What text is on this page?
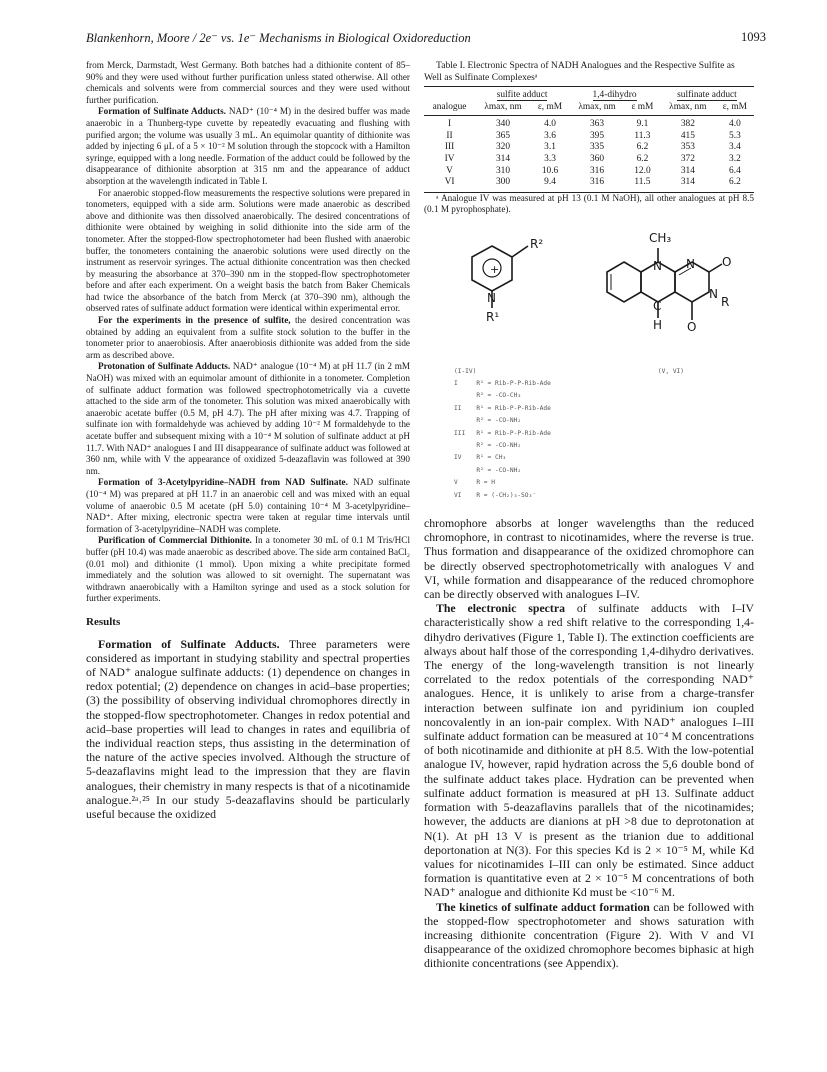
Blankenhorn, Moore / 2e⁻ vs. 1e⁻ Mechanisms in Biological Oxidoreduction	1093

from Merck, Darmstadt, West Germany. Both batches had a dithionite content of 85–90% and they were used without further purification unless stated otherwise. All other chemicals and solvents were from commercial sources and they were used without further purification.

Formation of Sulfinate Adducts. NAD⁺ (10⁻⁴ M) in the desired buffer was made anaerobic in a Thunberg-type cuvette by repeatedly evacuating and flushing with purified argon; the volume was usually 3 mL. An equimolar quantity of dithionite was added by injecting 6 μL of a 5 × 10⁻² M solution through the stopcock with a Hamilton syringe, equipped with a long needle. Formation of the adduct could be followed by the disappearance of dithionite absorption at 315 nm and the appearance of adduct absorption at the wavelength indicated in Table I.

For anaerobic stopped-flow measurements the respective solutions were prepared in tonometers, equipped with a side arm. Solutions were made anaerobic as described above and dithionite was then dissolved anaerobically. The desired concentrations of dithionite were obtained by weighing in solid dithionite into the side arm of the tonometer. After the stopped-flow spectrophotometer had been flushed with anaerobic buffer, the tonometers containing the anaerobic solutions were used directly on the instrument as reservoir syringes. The actual dithionite concentration was then checked by measuring the absorbance at 370–390 nm in the stopped-flow spectrophotometer before and after each experiment. On a weight basis the batch from Baker Chemicals had twice the absorbance of the batch from Merck (at 370–390 nm), although the observed rates of sulfinate adduct formation were identical within experimental error.

For the experiments in the presence of sulfite, the desired concentration was obtained by adding an equivalent from a sulfite stock solution to the buffer in the tonometer prior to anaerobiosis. After anaerobiosis dithionite was added from the side arm as described above.

Protonation of Sulfinate Adducts. NAD⁺ analogue (10⁻⁴ M) at pH 11.7 (in 2 mM NaOH) was mixed with an equimolar amount of dithionite in a tonometer. Completion of sulfinate adduct formation was followed spectrophotometrically via a cuvette attached to the side arm of the tonometer. This solution was mixed anaerobically with anaerobic acetate buffer (0.5 M, pH 4.7). The pH after mixing was 4.7. Trapping of sulfinate ion with formaldehyde was achieved by adding 10⁻² M formaldehyde to the acetate buffer and subsequent mixing with a 10⁻⁴ M solution of sulfinate adduct at pH 11.7. With NAD⁺ analogues I and III disappearance of sulfinate adduct was followed at 360 nm, while with V the appearance of oxidized 5-deazaflavin was followed at 390 nm.

Formation of 3-Acetylpyridine–NADH from NAD Sulfinate. NAD sulfinate (10⁻⁴ M) was prepared at pH 11.7 in an anaerobic cell and was mixed with an equal volume of anaerobic 0.5 M acetate (pH 5.0) containing 10⁻⁴ M 3-acetylpyridine–NAD⁺. After mixing, electronic spectra were taken at regular time intervals until formation of 3-acetylpyridine–NADH was complete.

Purification of Commercial Dithionite. In a tonometer 30 mL of 0.1 M Tris/HCl buffer (pH 10.4) was made anaerobic as described above. The side arm contained BaCl₂ (0.01 mol) and dithionite (1 mmol). Upon mixing a white precipitate formed immediately and the solution was allowed to sit overnight. The supernatant was withdrawn anaerobically with a Hamilton syringe and used as a stock solution for further experiments.

Results

Formation of Sulfinate Adducts. Three parameters were considered as important in studying stability and spectral properties of NAD⁺ analogue sulfinate adducts: (1) dependence on changes in redox potential; (2) dependence on changes in acid–base properties; (3) the possibility of observing individual chromophores directly in the stopped-flow spectrophotometer. Changes in redox potential and acid–base properties will lead to changes in rates and equilibria of the individual reaction steps, thus assisting in the determination of the nature of the active species involved. Although the structure of 5-deazaflavins might lead to the impression that they are flavin analogues, their chemistry in many respects is that of a nicotinamide analogue.²ᵃ˒²⁵ In our study 5-deazaflavins should be particularly useful because the oxidized

Table I. Electronic Spectra of NADH Analogues and the Respective Sulfite as Well as Sulfinate Complexesᵃ

	sulfite adduct		1,4-dihydro		sulfinate adduct	
analogue	λmax, nm	ε, mM	λmax, nm	ε mM	λmax, nm	ε, mM
I	340	4.0	363	9.1	382	4.0
II	365	3.6	395	11.3	415	5.3
III	320	3.1	335	6.2	353	3.4
IV	314	3.3	360	6.2	372	3.2
V	310	10.6	316	12.0	314	6.4
VI	300	9.4	316	11.5	314	6.2

ᵃ Analogue IV was measured at pH 13 (0.1 M NaOH), all other analogues at pH 8.5 (0.1 M pyrophosphate).

+
R²
N
R¹
CH₃
N N O
C
N
R
H O
(I-IV)	(V, VI)
I     R¹ = Rib-P-P-Rib-Ade
R² = -CO-CH₃
II    R¹ = Rib-P-P-Rib-Ade
R² = -CO-NH₂
III   R¹ = Rib-P-P-Rib-Ade
R² = -CO-NH₂
IV    R¹ = CH₃
R² = -CO-NH₂
V     R = H
VI    R = (-CH₂)₃-SO₃⁻

chromophore absorbs at longer wavelengths than the reduced chromophore, in contrast to nicotinamides, where the reverse is true. Thus formation and disappearance of the oxidized chromophore can be directly observed spectrophotometrically with analogues V and VI, while formation and disappearance of the reduced chromophore can be directly observed with analogues I–IV.

The electronic spectra of sulfinate adducts with I–IV characteristically show a red shift relative to the corresponding 1,4-dihydro derivatives (Figure 1, Table I). The extinction coefficients are always about half those of the corresponding 1,4-dihydro derivatives. The energy of the long-wavelength transition is not linearly correlated to the redox potentials of the corresponding NAD⁺ analogues. Hence, it is unlikely to arise from a charge-transfer interaction between sulfinate ion and pyridinium ion coupled noncovalently in an ion-pair complex. With NAD⁺ analogues I–III sulfinate adduct formation can be measured at 10⁻⁴ M concentrations of both nicotinamide and dithionite at pH 8.5. With the low-potential analogue IV, however, rapid hydration across the 5,6 double bond of the sulfinate adduct takes place. Hydration can be prevented when sulfinate adduct formation is measured at pH 13. Sulfinate adduct formation with 5-deazaflavins parallels that of the nicotinamides; however, the adducts are dianions at pH >8 due to deprotonation at N(1). At pH 13 V is present as the trianion due to additional deportonation at N(3). For this species Kd is 2 × 10⁻⁵ M, while Kd values for nicotinamides I–III can only be estimated. Since adduct formation is quantitative even at 2 × 10⁻⁵ M concentrations of both NAD⁺ analogue and dithionite Kd must be <10⁻⁶ M.

The kinetics of sulfinate adduct formation can be followed with the stopped-flow spectrophotometer and shows saturation with increasing dithionite concentration (Figure 2). With V and VI disappearance of the oxidized chromophore becomes biphasic at high dithionite concentrations (see Appendix).
